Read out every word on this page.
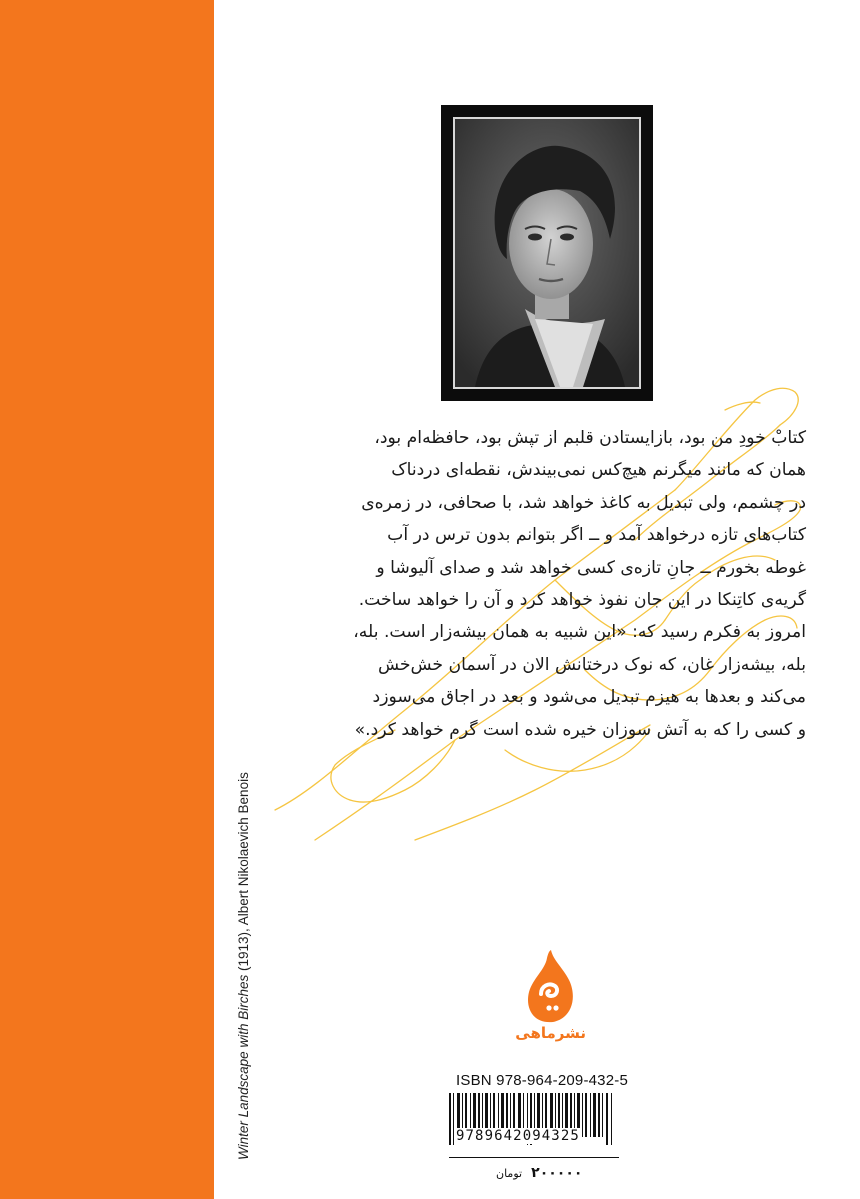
Winter Landscape with Birches (1913), Albert Nikolaevich Benois
کتابْ خودِ من بود، بازایستادن قلبم از تپش بود، حافظه‌ام بود،
همان که مانند میگرنم هیچ‌کس نمی‌بیندش، نقطه‌ای دردناک
در چشمم، ولی تبدیل به کاغذ خواهد شد، با صحافی، در زمره‌ی
کتاب‌های تازه درخواهد آمد و ــ اگر بتوانم بدون ترس در آب
غوطه بخورم ــ جانِ تازه‌ی کسی خواهد شد و صدای آلیوشا و
گریه‌ی کاتِنکا در این جان نفوذ خواهد کرد و آن را خواهد ساخت.
امروز به فکرم رسید که: «این شبیه به همان بیشه‌زار است. بله،
بله، بیشه‌زار غان، که نوک درختانش الان در آسمان خش‌خش
می‌کند و بعدها به هیزم تبدیل می‌شود و بعد در اجاق می‌سوزد
و کسی را که به آتش سوزان خیره شده است گرم خواهد کرد.»
نشرماهی
ISBN 978-964-209-432-5
9789642094325
۲۰۰۰۰۰ تومان
